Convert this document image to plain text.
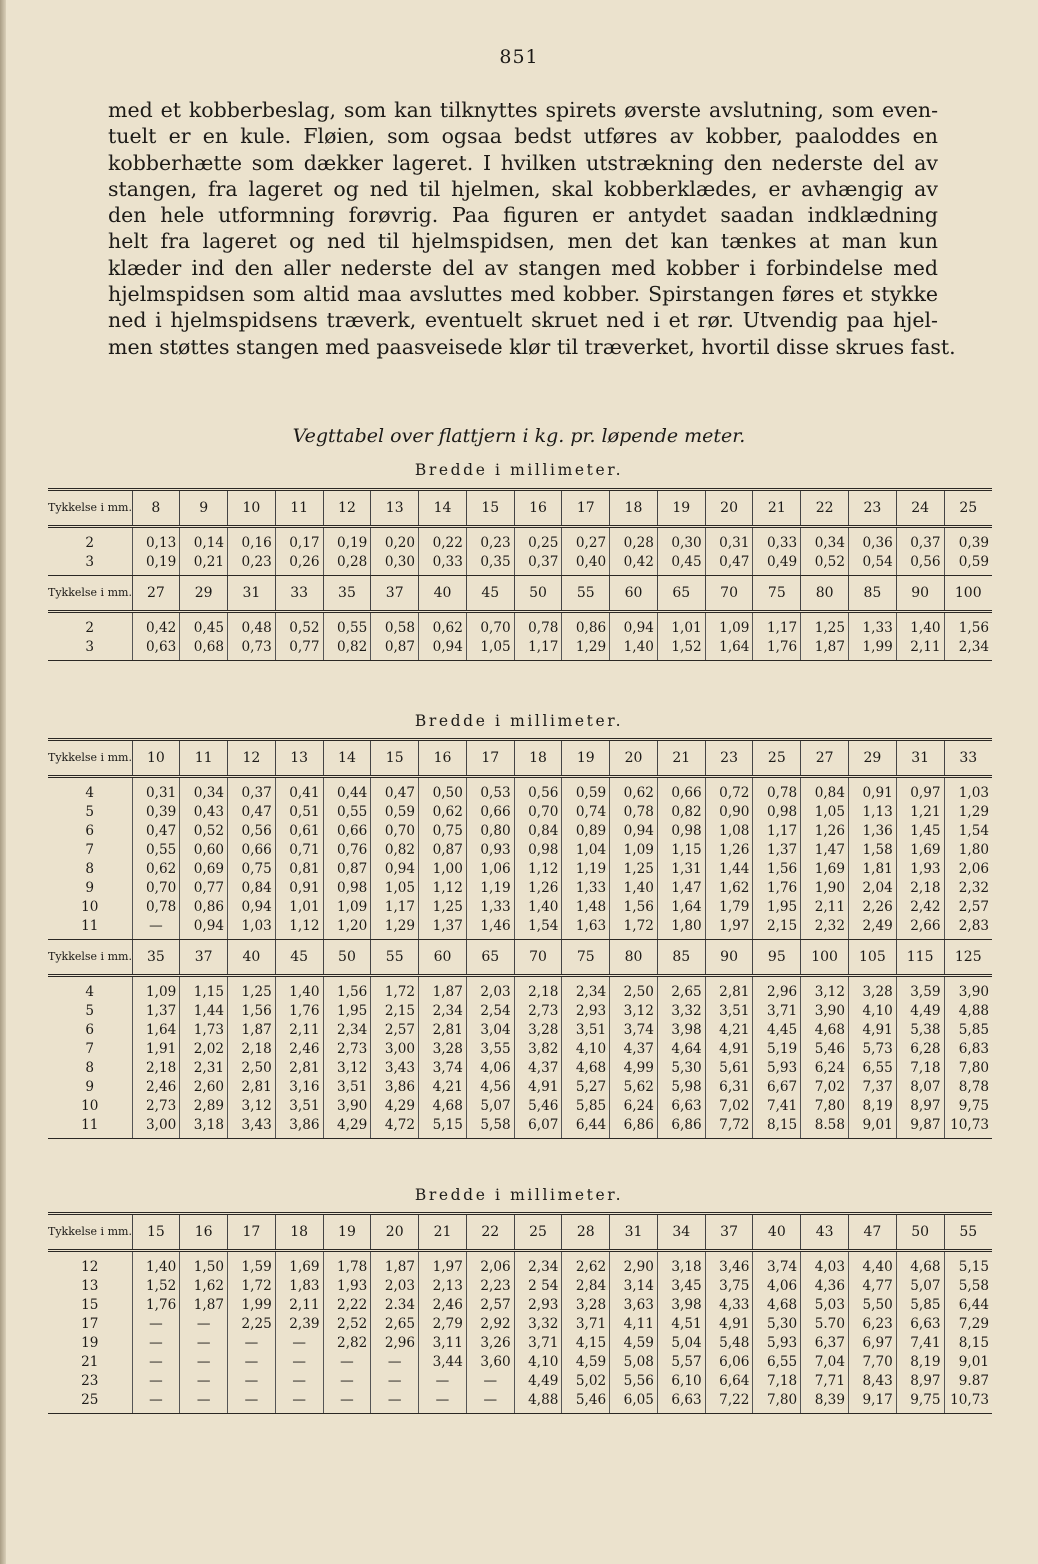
851
med et kobberbeslag, som kan tilknyttes spirets øverste avslutning, som even-
tuelt er en kule. Fløien, som ogsaa bedst utføres av kobber, paaloddes en
kobberhætte som dækker lageret. I hvilken utstrækning den nederste del av
stangen, fra lageret og ned til hjelmen, skal kobberklædes, er avhængig av
den hele utformning forøvrig. Paa figuren er antydet saadan indklædning
helt fra lageret og ned til hjelmspidsen, men det kan tænkes at man kun
klæder ind den aller nederste del av stangen med kobber i forbindelse med
hjelmspidsen som altid maa avsluttes med kobber. Spirstangen føres et stykke
ned i hjelmspidsens træverk, eventuelt skruet ned i et rør. Utvendig paa hjel-
men støttes stangen med paasveisede klør til træverket, hvortil disse skrues fast.
Vegttabel over flattjern i kg. pr. løpende meter.
Bredde i millimeter.
Tykkelse i mm.	8	9	10	11	12	13	14	15	16	17	18	19	20	21	22	23	24	25
2	0,13	0,14	0,16	0,17	0,19	0,20	0,22	0,23	0,25	0,27	0,28	0,30	0,31	0,33	0,34	0,36	0,37	0,39
3	0,19	0,21	0,23	0,26	0,28	0,30	0,33	0,35	0,37	0,40	0,42	0,45	0,47	0,49	0,52	0,54	0,56	0,59
Tykkelse i mm.	27	29	31	33	35	37	40	45	50	55	60	65	70	75	80	85	90	100
2	0,42	0,45	0,48	0,52	0,55	0,58	0,62	0,70	0,78	0,86	0,94	1,01	1,09	1,17	1,25	1,33	1,40	1,56
3	0,63	0,68	0,73	0,77	0,82	0,87	0,94	1,05	1,17	1,29	1,40	1,52	1,64	1,76	1,87	1,99	2,11	2,34
Bredde i millimeter.
Tykkelse i mm.	10	11	12	13	14	15	16	17	18	19	20	21	23	25	27	29	31	33
4	0,31	0,34	0,37	0,41	0,44	0,47	0,50	0,53	0,56	0,59	0,62	0,66	0,72	0,78	0,84	0,91	0,97	1,03
5	0,39	0,43	0,47	0,51	0,55	0,59	0,62	0,66	0,70	0,74	0,78	0,82	0,90	0,98	1,05	1,13	1,21	1,29
6	0,47	0,52	0,56	0,61	0,66	0,70	0,75	0,80	0,84	0,89	0,94	0,98	1,08	1,17	1,26	1,36	1,45	1,54
7	0,55	0,60	0,66	0,71	0,76	0,82	0,87	0,93	0,98	1,04	1,09	1,15	1,26	1,37	1,47	1,58	1,69	1,80
8	0,62	0,69	0,75	0,81	0,87	0,94	1,00	1,06	1,12	1,19	1,25	1,31	1,44	1,56	1,69	1,81	1,93	2,06
9	0,70	0,77	0,84	0,91	0,98	1,05	1,12	1,19	1,26	1,33	1,40	1,47	1,62	1,76	1,90	2,04	2,18	2,32
10	0,78	0,86	0,94	1,01	1,09	1,17	1,25	1,33	1,40	1,48	1,56	1,64	1,79	1,95	2,11	2,26	2,42	2,57
11	—	0,94	1,03	1,12	1,20	1,29	1,37	1,46	1,54	1,63	1,72	1,80	1,97	2,15	2,32	2,49	2,66	2,83
Tykkelse i mm.	35	37	40	45	50	55	60	65	70	75	80	85	90	95	100	105	115	125
4	1,09	1,15	1,25	1,40	1,56	1,72	1,87	2,03	2,18	2,34	2,50	2,65	2,81	2,96	3,12	3,28	3,59	3,90
5	1,37	1,44	1,56	1,76	1,95	2,15	2,34	2,54	2,73	2,93	3,12	3,32	3,51	3,71	3,90	4,10	4,49	4,88
6	1,64	1,73	1,87	2,11	2,34	2,57	2,81	3,04	3,28	3,51	3,74	3,98	4,21	4,45	4,68	4,91	5,38	5,85
7	1,91	2,02	2,18	2,46	2,73	3,00	3,28	3,55	3,82	4,10	4,37	4,64	4,91	5,19	5,46	5,73	6,28	6,83
8	2,18	2,31	2,50	2,81	3,12	3,43	3,74	4,06	4,37	4,68	4,99	5,30	5,61	5,93	6,24	6,55	7,18	7,80
9	2,46	2,60	2,81	3,16	3,51	3,86	4,21	4,56	4,91	5,27	5,62	5,98	6,31	6,67	7,02	7,37	8,07	8,78
10	2,73	2,89	3,12	3,51	3,90	4,29	4,68	5,07	5,46	5,85	6,24	6,63	7,02	7,41	7,80	8,19	8,97	9,75
11	3,00	3,18	3,43	3,86	4,29	4,72	5,15	5,58	6,07	6,44	6,86	6,86	7,72	8,15	8.58	9,01	9,87	10,73
Bredde i millimeter.
Tykkelse i mm.	15	16	17	18	19	20	21	22	25	28	31	34	37	40	43	47	50	55
12	1,40	1,50	1,59	1,69	1,78	1,87	1,97	2,06	2,34	2,62	2,90	3,18	3,46	3,74	4,03	4,40	4,68	5,15
13	1,52	1,62	1,72	1,83	1,93	2,03	2,13	2,23	2 54	2,84	3,14	3,45	3,75	4,06	4,36	4,77	5,07	5,58
15	1,76	1,87	1,99	2,11	2,22	2.34	2,46	2,57	2,93	3,28	3,63	3,98	4,33	4,68	5,03	5,50	5,85	6,44
17	—	—	2,25	2,39	2,52	2,65	2,79	2,92	3,32	3,71	4,11	4,51	4,91	5,30	5.70	6,23	6,63	7,29
19	—	—	—	—	2,82	2,96	3,11	3,26	3,71	4,15	4,59	5,04	5,48	5,93	6,37	6,97	7,41	8,15
21	—	—	—	—	—	—	3,44	3,60	4,10	4,59	5,08	5,57	6,06	6,55	7,04	7,70	8,19	9,01
23	—	—	—	—	—	—	—	—	4,49	5,02	5,56	6,10	6,64	7,18	7,71	8,43	8,97	9.87
25	—	—	—	—	—	—	—	—	4,88	5,46	6,05	6,63	7,22	7,80	8,39	9,17	9,75	10,73
